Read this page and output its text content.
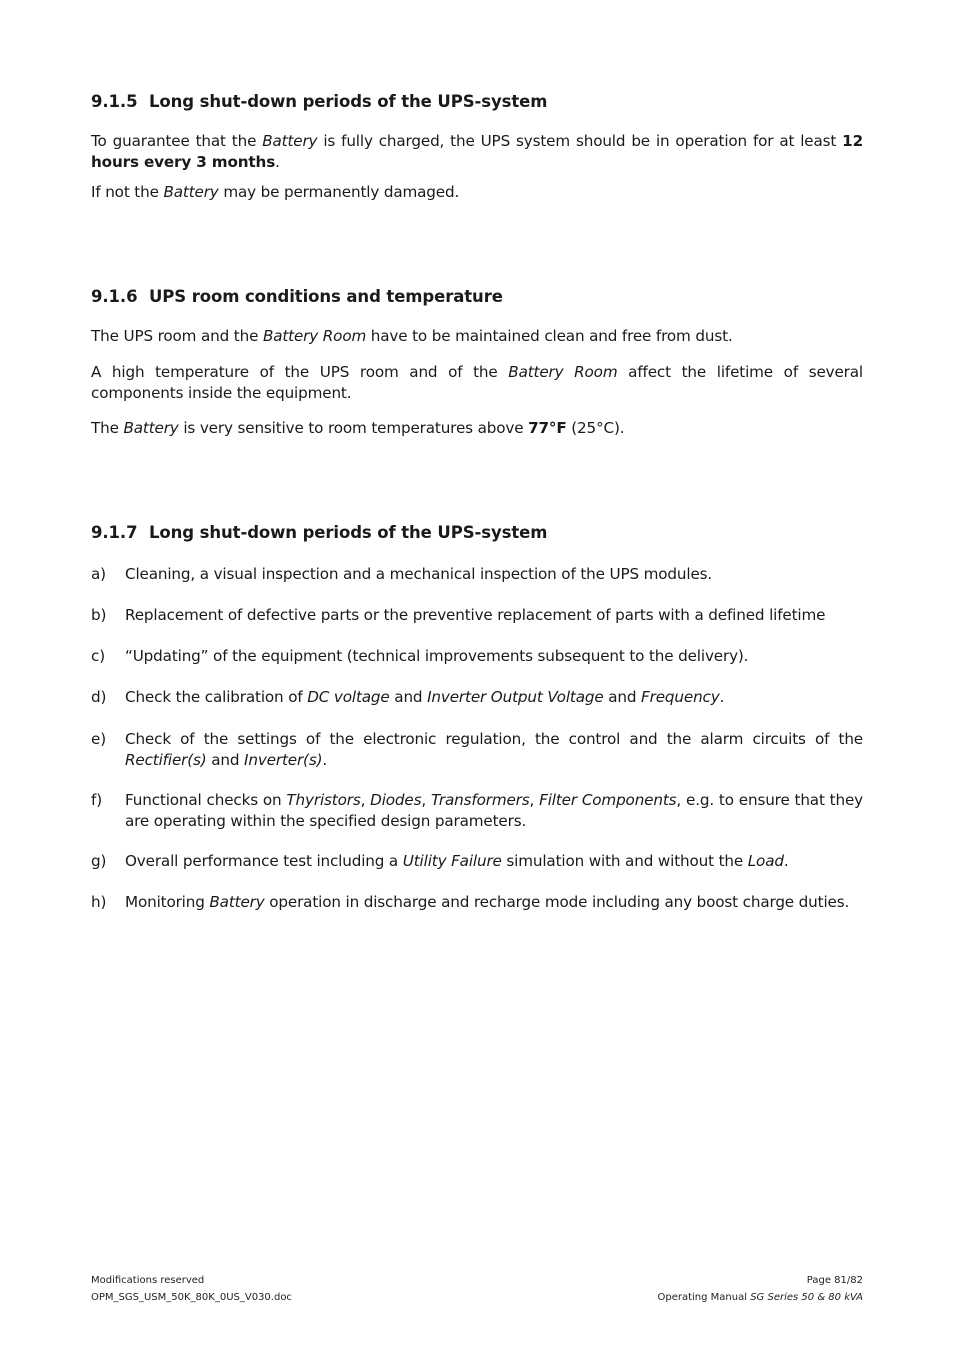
9.1.5 Long shut-down periods of the UPS-system

To guarantee that the Battery is fully charged, the UPS system should be in operation for at least 12 hours every 3 months.

If not the Battery may be permanently damaged.

9.1.6 UPS room conditions and temperature

The UPS room and the Battery Room have to be maintained clean and free from dust.

A high temperature of the UPS room and of the Battery Room affect the lifetime of several components inside the equipment.

The Battery is very sensitive to room temperatures above 77°F (25°C).

9.1.7 Long shut-down periods of the UPS-system
a)	Cleaning, a visual inspection and a mechanical inspection of the UPS modules.
b)	Replacement of defective parts or the preventive replacement of parts with a defined lifetime
c)	“Updating” of the equipment (technical improvements subsequent to the delivery).
d)	Check the calibration of DC voltage and Inverter Output Voltage and Frequency.
e)	Check of the settings of the electronic regulation, the control and the alarm circuits of the Rectifier(s) and Inverter(s).
f)	Functional checks on Thyristors, Diodes, Transformers, Filter Components, e.g. to ensure that they are operating within the specified design parameters.
g)	Overall performance test including a Utility Failure simulation with and without the Load.
h)	Monitoring Battery operation in discharge and recharge mode including any boost charge duties.
Modifications reserved	Page 81/82
OPM_SGS_USM_50K_80K_0US_V030.doc	Operating Manual SG Series 50 & 80 kVA
